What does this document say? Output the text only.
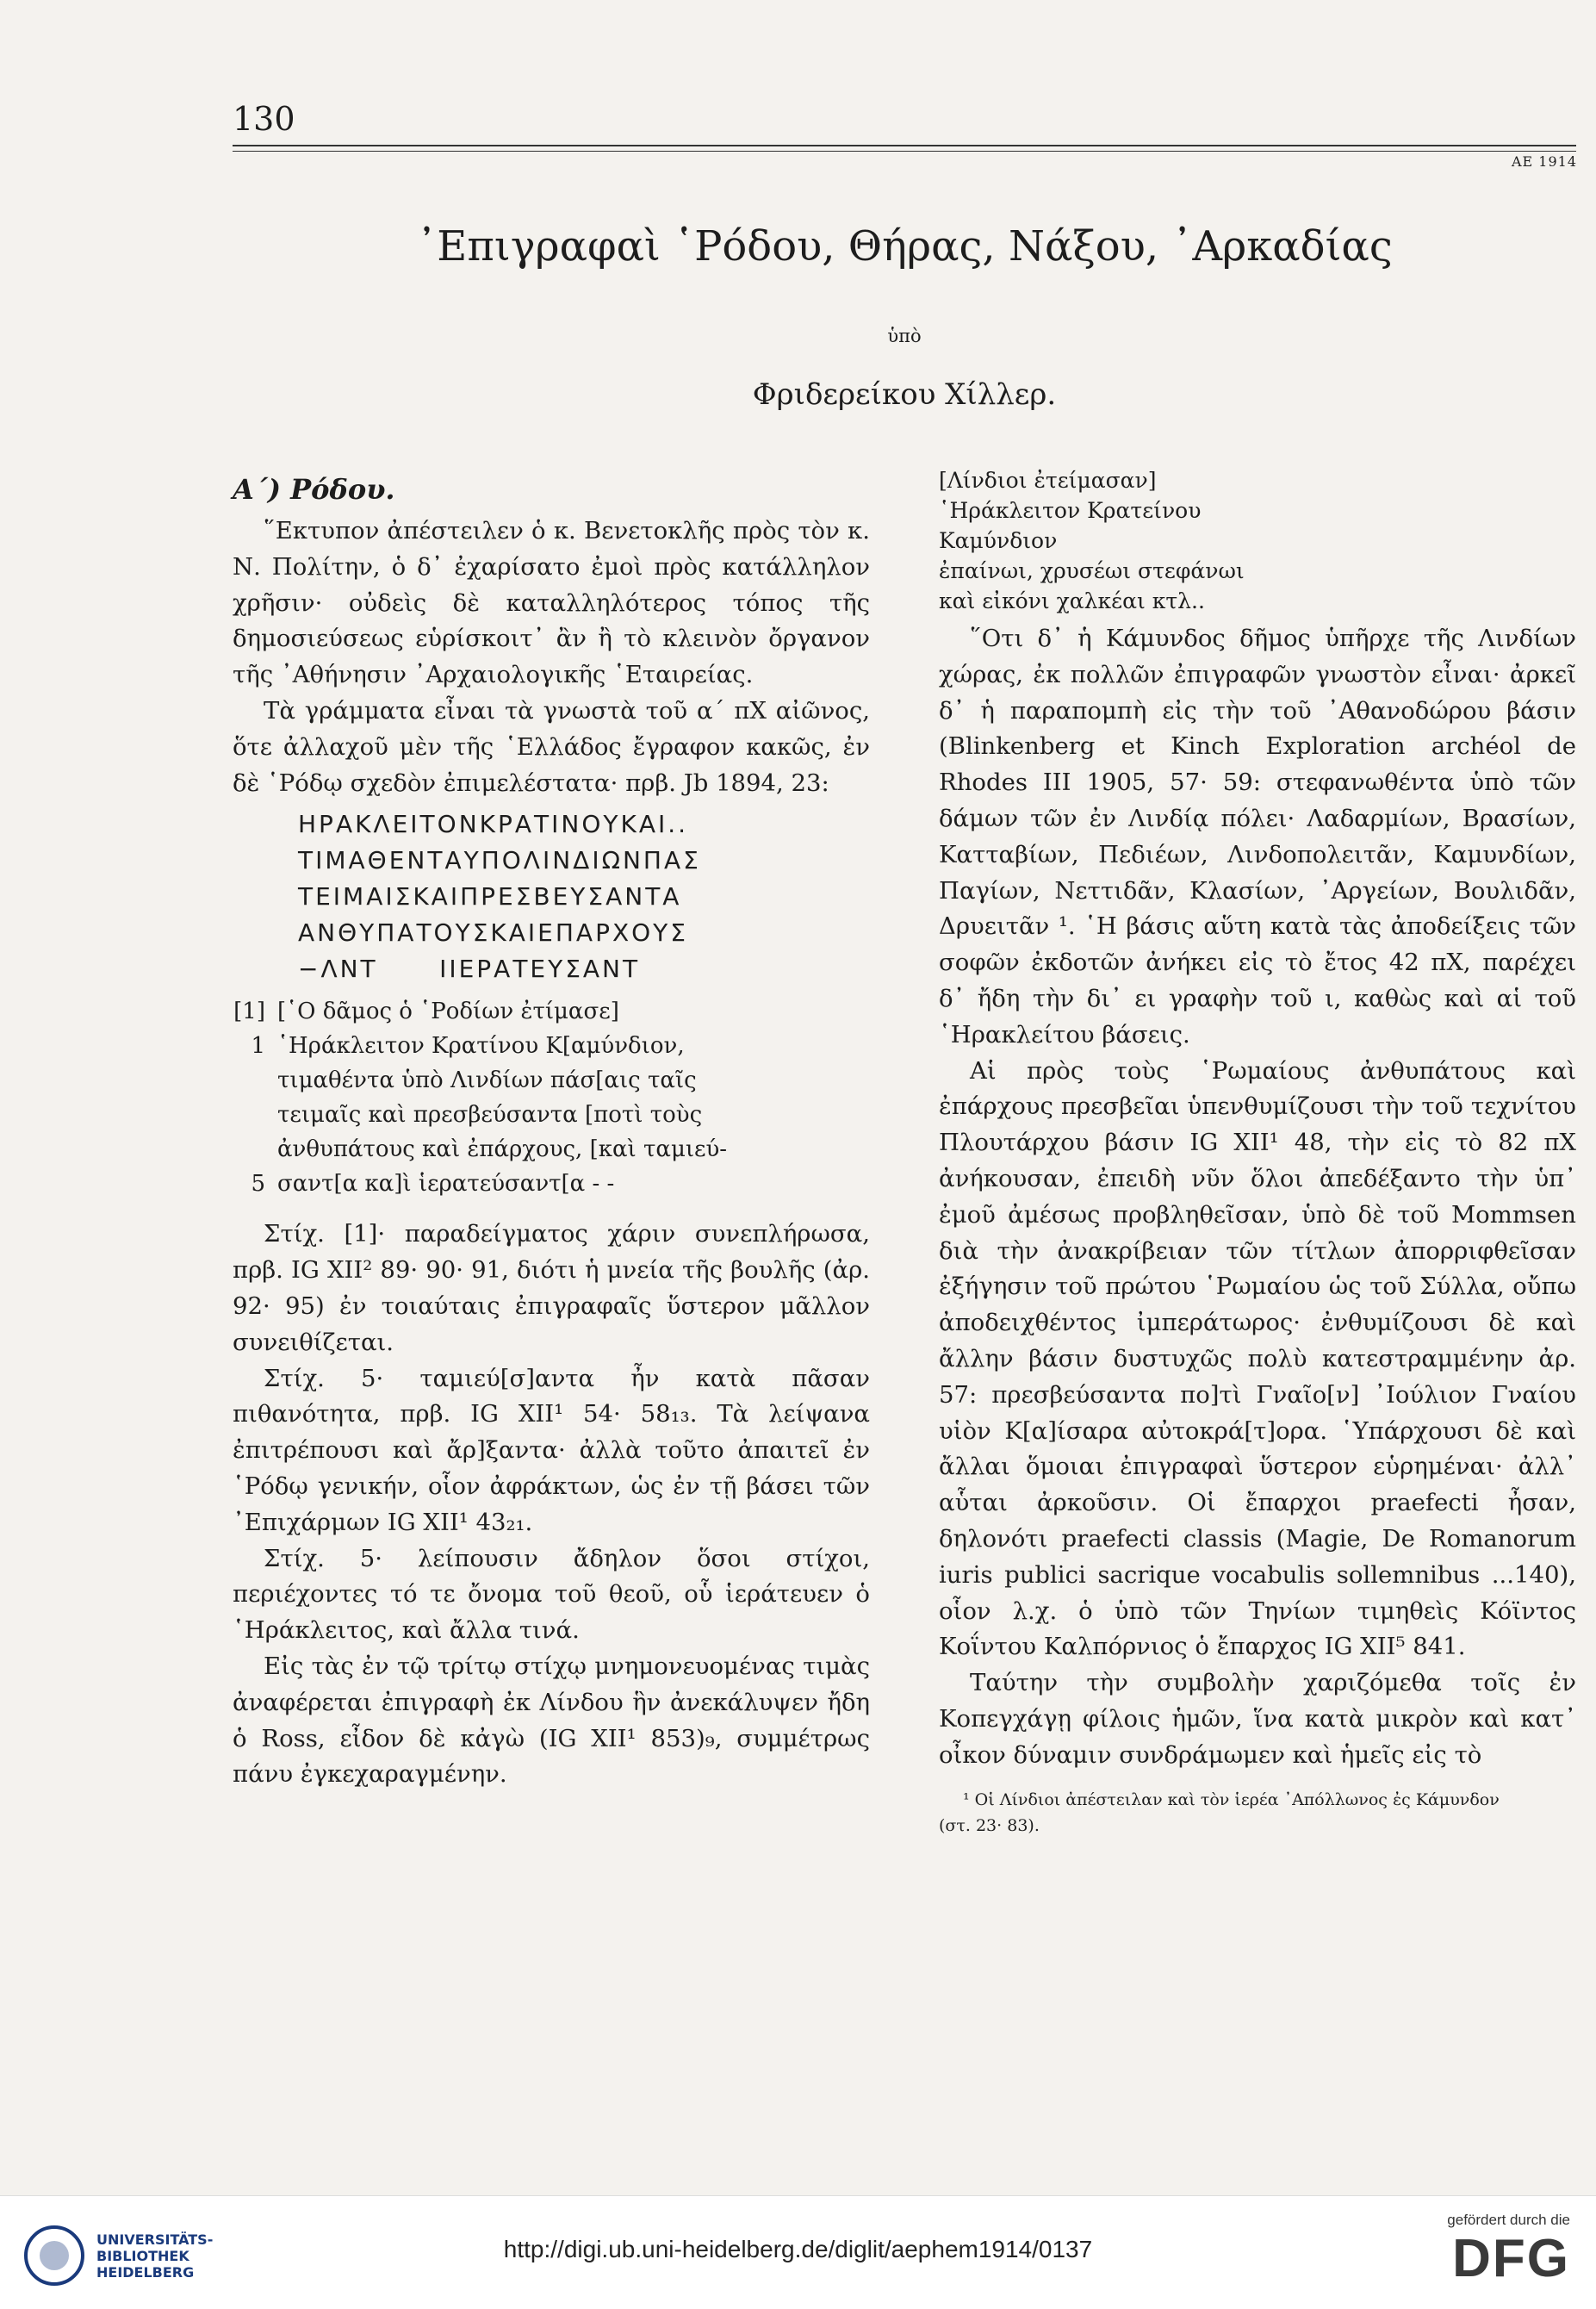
130
ΑΕ 1914
᾿Επιγραφαὶ ῾Ρόδου, Θήρας, Νάξου, ᾿Αρκαδίας
ὑπὸ
Φριδερείκου Χίλλερ.

Α΄) Ρόδου.

῞Εκτυπον ἀπέστειλεν ὁ κ. Βενετοκλῆς πρὸς τὸν κ. Ν. Πολίτην, ὁ δ᾿ ἐχαρίσατο ἐμοὶ πρὸς κατάλληλον χρῆσιν· οὐδεὶς δὲ καταλληλότερος τόπος τῆς δημοσιεύσεως εὑρίσκοιτ᾿ ἂν ἢ τὸ κλεινὸν ὄργανον τῆς ᾿Αθήνησιν ᾿Αρχαιολογικῆς ῾Εταιρείας.

Τὰ γράμματα εἶναι τὰ γνωστὰ τοῦ α΄ πΧ αἰῶνος, ὅτε ἀλλαχοῦ μὲν τῆς ῾Ελλάδος ἔγραφον κακῶς, ἐν δὲ ῾Ρόδῳ σχεδὸν ἐπιμελέστατα· πρβ. Jb 1894, 23:

ΗΡΑΚΛΕΙΤΟΝΚΡΑΤΙΝΟΥΚΑΙ..
ΤΙΜΑΘΕΝΤΑΥΠΟΛΙΝΔΙΩΝΠΑΣ
ΤΕΙΜΑΙΣΚΑΙΠΡΕΣΒΕΥΣΑΝΤΑ
ΑΝΘΥΠΑΤΟΥΣΚΑΙΕΠΑΡΧΟΥΣ
−ΛΝΤ      ΙΙΕΡΑΤΕΥΣΑΝΤ
[1] [῾Ο δᾶμος ὁ ῾Ροδίων ἐτίμασε]
1 ῾Ηράκλειτον Κρατίνου Κ[αμύνδιον,
τιμαθέντα ὑπὸ Λινδίων πάσ[αις ταῖς
τειμαῖς καὶ πρεσβεύσαντα [ποτὶ τοὺς
ἀνθυπάτους καὶ ἐπάρχους, [καὶ ταμιεύ-
5 σαντ[α κα]ὶ ἱερατεύσαντ[α - -

Στίχ. [1]· παραδείγματος χάριν συνεπλήρωσα, πρβ. IG XII² 89· 90· 91, διότι ἡ μνεία τῆς βουλῆς (ἀρ. 92· 95) ἐν τοιαύταις ἐπιγραφαῖς ὕστερον μᾶλλον συνειθίζεται.

Στίχ. 5· ταμιεύ[σ]αντα ἦν κατὰ πᾶσαν πιθανότητα, πρβ. IG XII¹ 54· 58₁₃. Τὰ λείψανα ἐπιτρέπουσι καὶ ἄρ]ξαντα· ἀλλὰ τοῦτο ἀπαιτεῖ ἐν ῾Ρόδῳ γενικήν, οἷον ἀφράκτων, ὡς ἐν τῇ βάσει τῶν ᾿Επιχάρμων IG XII¹ 43₂₁.

Στίχ. 5· λείπουσιν ἄδηλον ὅσοι στίχοι, περιέχοντες τό τε ὄνομα τοῦ θεοῦ, οὗ ἱεράτευεν ὁ ῾Ηράκλειτος, καὶ ἄλλα τινά.

Εἰς τὰς ἐν τῷ τρίτῳ στίχῳ μνημονευομένας τιμὰς ἀναφέρεται ἐπιγραφὴ ἐκ Λίνδου ἣν ἀνεκάλυψεν ἤδη ὁ Ross, εἶδον δὲ κἀγὼ (IG XII¹ 853)₉, συμμέτρως πάνυ ἐγκεχαραγμένην.

[Λίνδιοι ἐτείμασαν]

῾Ηράκλειτον Κρατείνου

Καμύνδιον

ἐπαίνωι, χρυσέωι στεφάνωι

καὶ εἰκόνι χαλκέαι κτλ..

῞Οτι δ᾿ ἡ Κάμυνδος δῆμος ὑπῆρχε τῆς Λινδίων χώρας, ἐκ πολλῶν ἐπιγραφῶν γνωστὸν εἶναι· ἀρκεῖ δ᾿ ἡ παραπομπὴ εἰς τὴν τοῦ ᾿Αθανοδώρου βάσιν (Blinkenberg et Kinch Exploration archéol de Rhodes III 1905, 57· 59: στεφανωθέντα ὑπὸ τῶν δάμων τῶν ἐν Λινδίᾳ πόλει· Λαδαρμίων, Βρασίων, Κατταβίων, Πεδιέων, Λινδοπολειτᾶν, Καμυνδίων, Παγίων, Νεττιδᾶν, Κλασίων, ᾿Αργείων, Βουλιδᾶν, Δρυειτᾶν ¹. ῾Η βάσις αὕτη κατὰ τὰς ἀποδείξεις τῶν σοφῶν ἐκδοτῶν ἀνήκει εἰς τὸ ἔτος 42 πΧ, παρέχει δ᾿ ἤδη τὴν δι᾿ ει γραφὴν τοῦ ι, καθὼς καὶ αἱ τοῦ ῾Ηρακλείτου βάσεις.

Αἱ πρὸς τοὺς ῾Ρωμαίους ἀνθυπάτους καὶ ἐπάρχους πρεσβεῖαι ὑπενθυμίζουσι τὴν τοῦ τεχνίτου Πλουτάρχου βάσιν IG XII¹ 48, τὴν εἰς τὸ 82 πΧ ἀνήκουσαν, ἐπειδὴ νῦν ὅλοι ἀπεδέξαντο τὴν ὑπ᾿ ἐμοῦ ἀμέσως προβληθεῖσαν, ὑπὸ δὲ τοῦ Mommsen διὰ τὴν ἀνακρίβειαν τῶν τίτλων ἀπορριφθεῖσαν ἐξήγησιν τοῦ πρώτου ῾Ρωμαίου ὡς τοῦ Σύλλα, οὔπω ἀποδειχθέντος ἰμπεράτωρος· ἐνθυμίζουσι δὲ καὶ ἄλλην βάσιν δυστυχῶς πολὺ κατεστραμμένην ἀρ. 57: πρεσβεύσαντα πο]τὶ Γναῖο[ν] ᾿Ιούλιον Γναίου υἱὸν Κ[α]ίσαρα αὐτοκρά[τ]ορα. ῾Υπάρχουσι δὲ καὶ ἄλλαι ὅμοιαι ἐπιγραφαὶ ὕστερον εὑρημέναι· ἀλλ᾿ αὗται ἀρκοῦσιν. Οἱ ἔπαρχοι praefecti ἦσαν, δηλονότι praefecti classis (Magie, De Romanorum iuris publici sacrique vocabulis sollemnibus ...140), οἷον λ.χ. ὁ ὑπὸ τῶν Τηνίων τιμηθεὶς Κόϊντος Κοΐντου Καλπόρνιος ὁ ἔπαρχος IG XII⁵ 841.

Ταύτην τὴν συμβολὴν χαριζόμεθα τοῖς ἐν Κοπεγχάγῃ φίλοις ἡμῶν, ἵνα κατὰ μικρὸν καὶ κατ᾿ οἶκον δύναμιν συνδράμωμεν καὶ ἡμεῖς εἰς τὸ

¹ Οἱ Λίνδιοι ἀπέστειλαν καὶ τὸν ἱερέα ᾿Απόλλωνος ἐς Κάμυνδον
(στ. 23· 83).
UNIVERSITÄTS-
BIBLIOTHEK
HEIDELBERG
http://digi.ub.uni-heidelberg.de/diglit/aephem1914/0137
gefördert durch die
DFG
